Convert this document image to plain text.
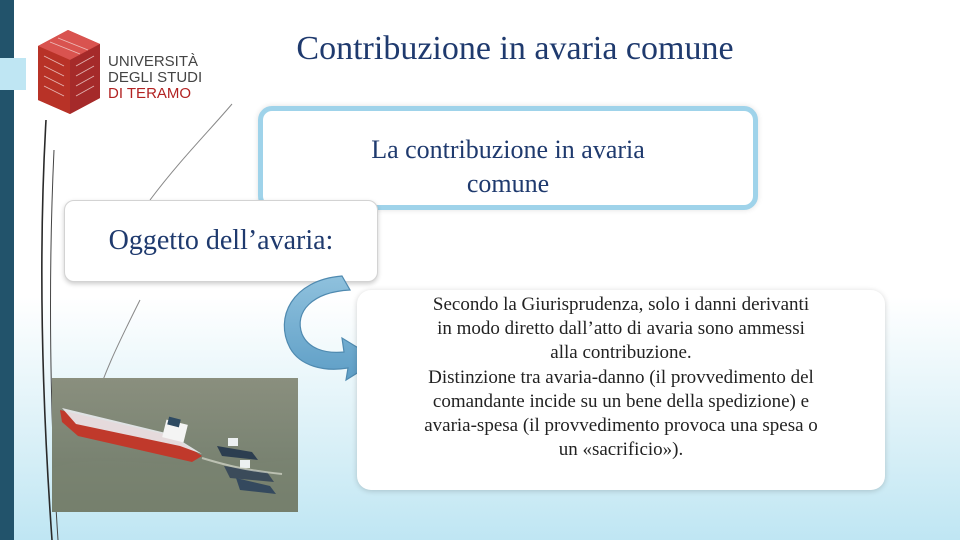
UNIVERSITÀ
DEGLI STUDI
DI TERAMO
Contribuzione in avaria comune
La contribuzione in avaria
comune
Oggetto dell’avaria:

Secondo la Giurisprudenza, solo i danni derivanti

in modo diretto dall’atto di avaria sono ammessi

alla contribuzione.

Distinzione tra avaria-danno (il provvedimento del

comandante incide su un bene della spedizione) e

avaria-spesa (il provvedimento provoca una spesa o

un «sacrificio»).
